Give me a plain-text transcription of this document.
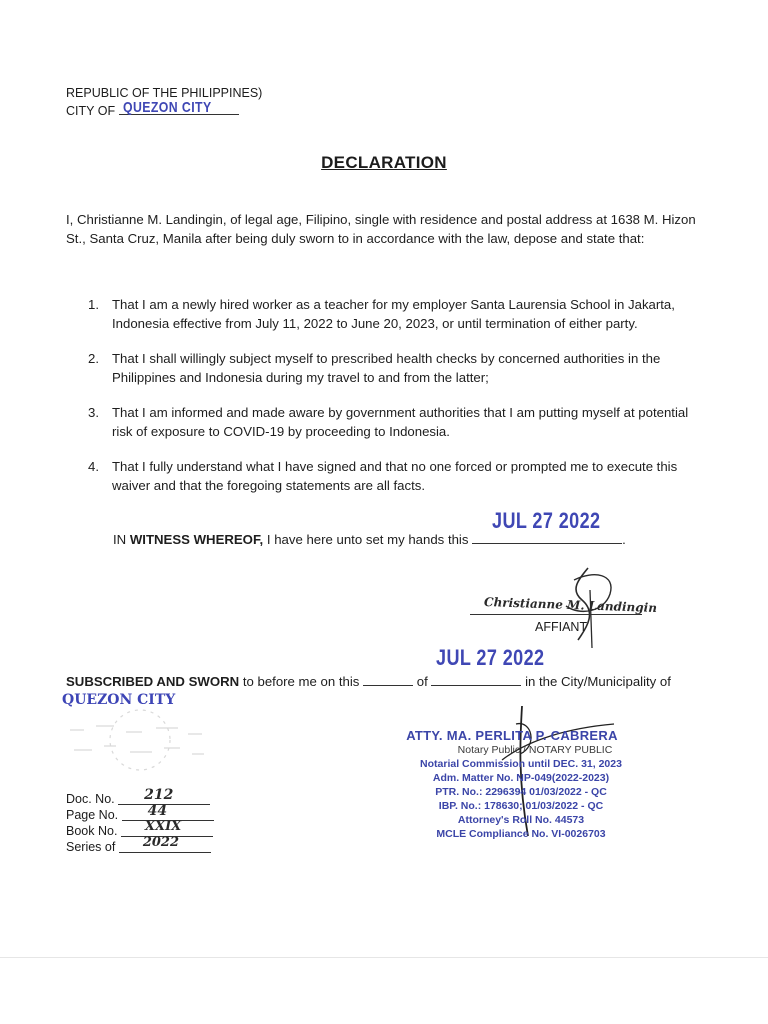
REPUBLIC OF THE PHILIPPINES)
CITY OF QUEZON CITY
DECLARATION
I, Christianne M. Landingin, of legal age, Filipino, single with residence and postal address at 1638 M. Hizon St., Santa Cruz, Manila after being duly sworn to in accordance with the law, depose and state that:
1. That I am a newly hired worker as a teacher for my employer Santa Laurensia School in Jakarta, Indonesia effective from July 11, 2022 to June 20, 2023, or until termination of either party.
2. That I shall willingly subject myself to prescribed health checks by concerned authorities in the Philippines and Indonesia during my travel to and from the latter;
3. That I am informed and made aware by government authorities that I am putting myself at potential risk of exposure to COVID-19 by proceeding to Indonesia.
4. That I fully understand what I have signed and that no one forced or prompted me to execute this waiver and that the foregoing statements are all facts.
JUL 27 2022
IN WITNESS WHEREOF, I have here unto set my hands this	.
Christianne M. Landingin
AFFIANT
JUL 27 2022
SUBSCRIBED AND SWORN to before me on this	of	in the City/Municipality of
QUEZON CITY
ATTY. MA. PERLITA P. CABRERA
Notary Public / NOTARY PUBLIC
Notarial Commission until DEC. 31, 2023
Adm. Matter No. NP-049(2022-2023)
PTR. No.: 2296394 01/03/2022 - QC
IBP. No.: 178630; 01/03/2022 - QC
Attorney's Roll No. 44573
MCLE Compliance No. VI-0026703
Doc. No. 212
Page No. 44
Book No. XXIX
Series of 2022
